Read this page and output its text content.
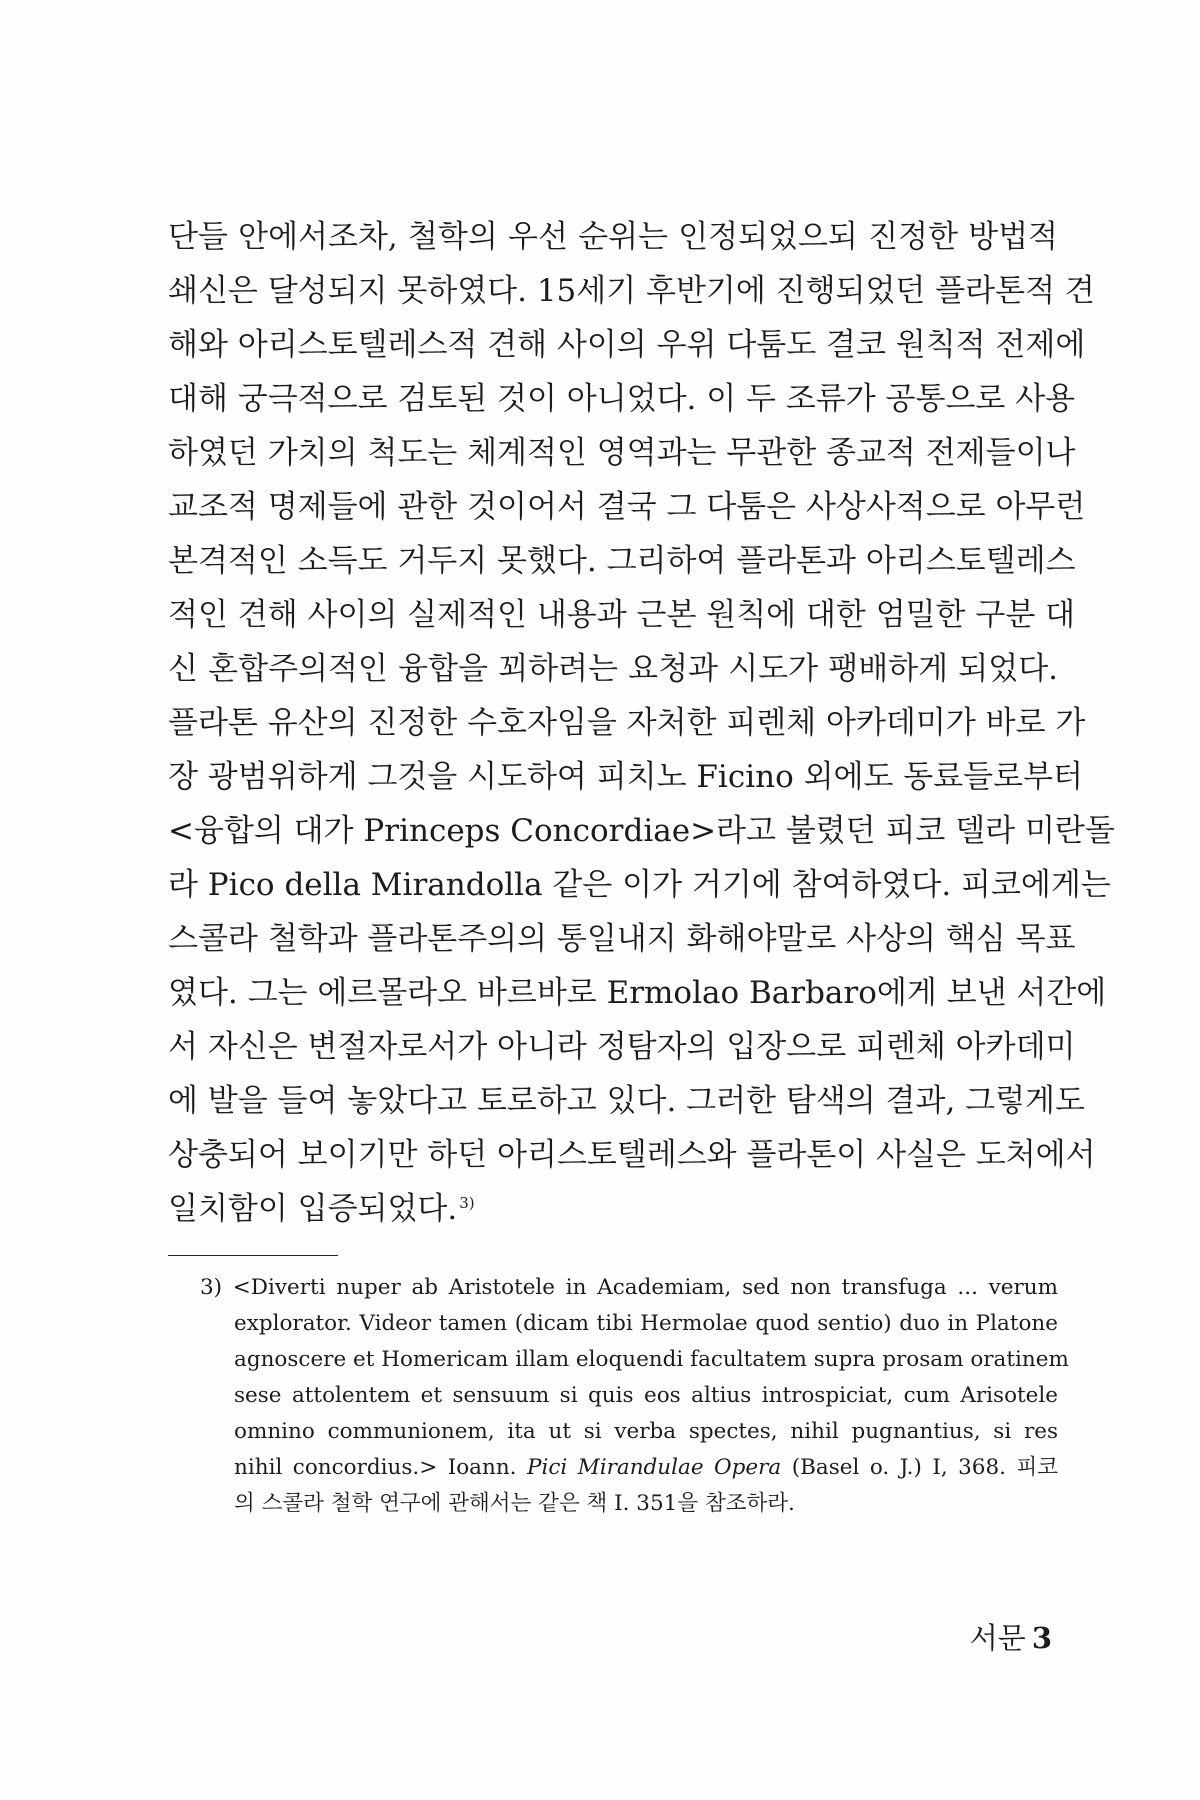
단들 안에서조차, 철학의 우선 순위는 인정되었으되 진정한 방법적
쇄신은 달성되지 못하였다. 15세기 후반기에 진행되었던 플라톤적 견
해와 아리스토텔레스적 견해 사이의 우위 다툼도 결코 원칙적 전제에
대해 궁극적으로 검토된 것이 아니었다. 이 두 조류가 공통으로 사용
하였던 가치의 척도는 체계적인 영역과는 무관한 종교적 전제들이나
교조적 명제들에 관한 것이어서 결국 그 다툼은 사상사적으로 아무런
본격적인 소득도 거두지 못했다. 그리하여 플라톤과 아리스토텔레스
적인 견해 사이의 실제적인 내용과 근본 원칙에 대한 엄밀한 구분 대
신 혼합주의적인 융합을 꾀하려는 요청과 시도가 팽배하게 되었다.
플라톤 유산의 진정한 수호자임을 자처한 피렌체 아카데미가 바로 가
장 광범위하게 그것을 시도하여 피치노 Ficino 외에도 동료들로부터
<융합의 대가 Princeps Concordiae>라고 불렸던 피코 델라 미란돌
라 Pico della Mirandolla 같은 이가 거기에 참여하였다. 피코에게는
스콜라 철학과 플라톤주의의 통일내지 화해야말로 사상의 핵심 목표
였다. 그는 에르몰라오 바르바로 Ermolao Barbaro에게 보낸 서간에
서 자신은 변절자로서가 아니라 정탐자의 입장으로 피렌체 아카데미
에 발을 들여 놓았다고 토로하고 있다. 그러한 탐색의 결과, 그렇게도
상충되어 보이기만 하던 아리스토텔레스와 플라톤이 사실은 도처에서
일치함이 입증되었다. $^{3)}$
3) <Diverti nuper ab Aristotele in Academiam, sed non transfuga ... verum
explorator. Videor tamen (dicam tibi Hermolae quod sentio) duo in Platone
agnoscere et Homericam illam eloquendi facultatem supra prosam oratinem
sese attolentem et sensuum si quis eos altius introspiciat, cum Arisotele
omnino communionem, ita ut si verba spectes, nihil pugnantius, si res
nihil concordius.> Ioann. Pici Mirandulae Opera (Basel o. J.) I, 368. 피코
의 스콜라 철학 연구에 관해서는 같은 책 I. 351을 참조하라.
서문 3
